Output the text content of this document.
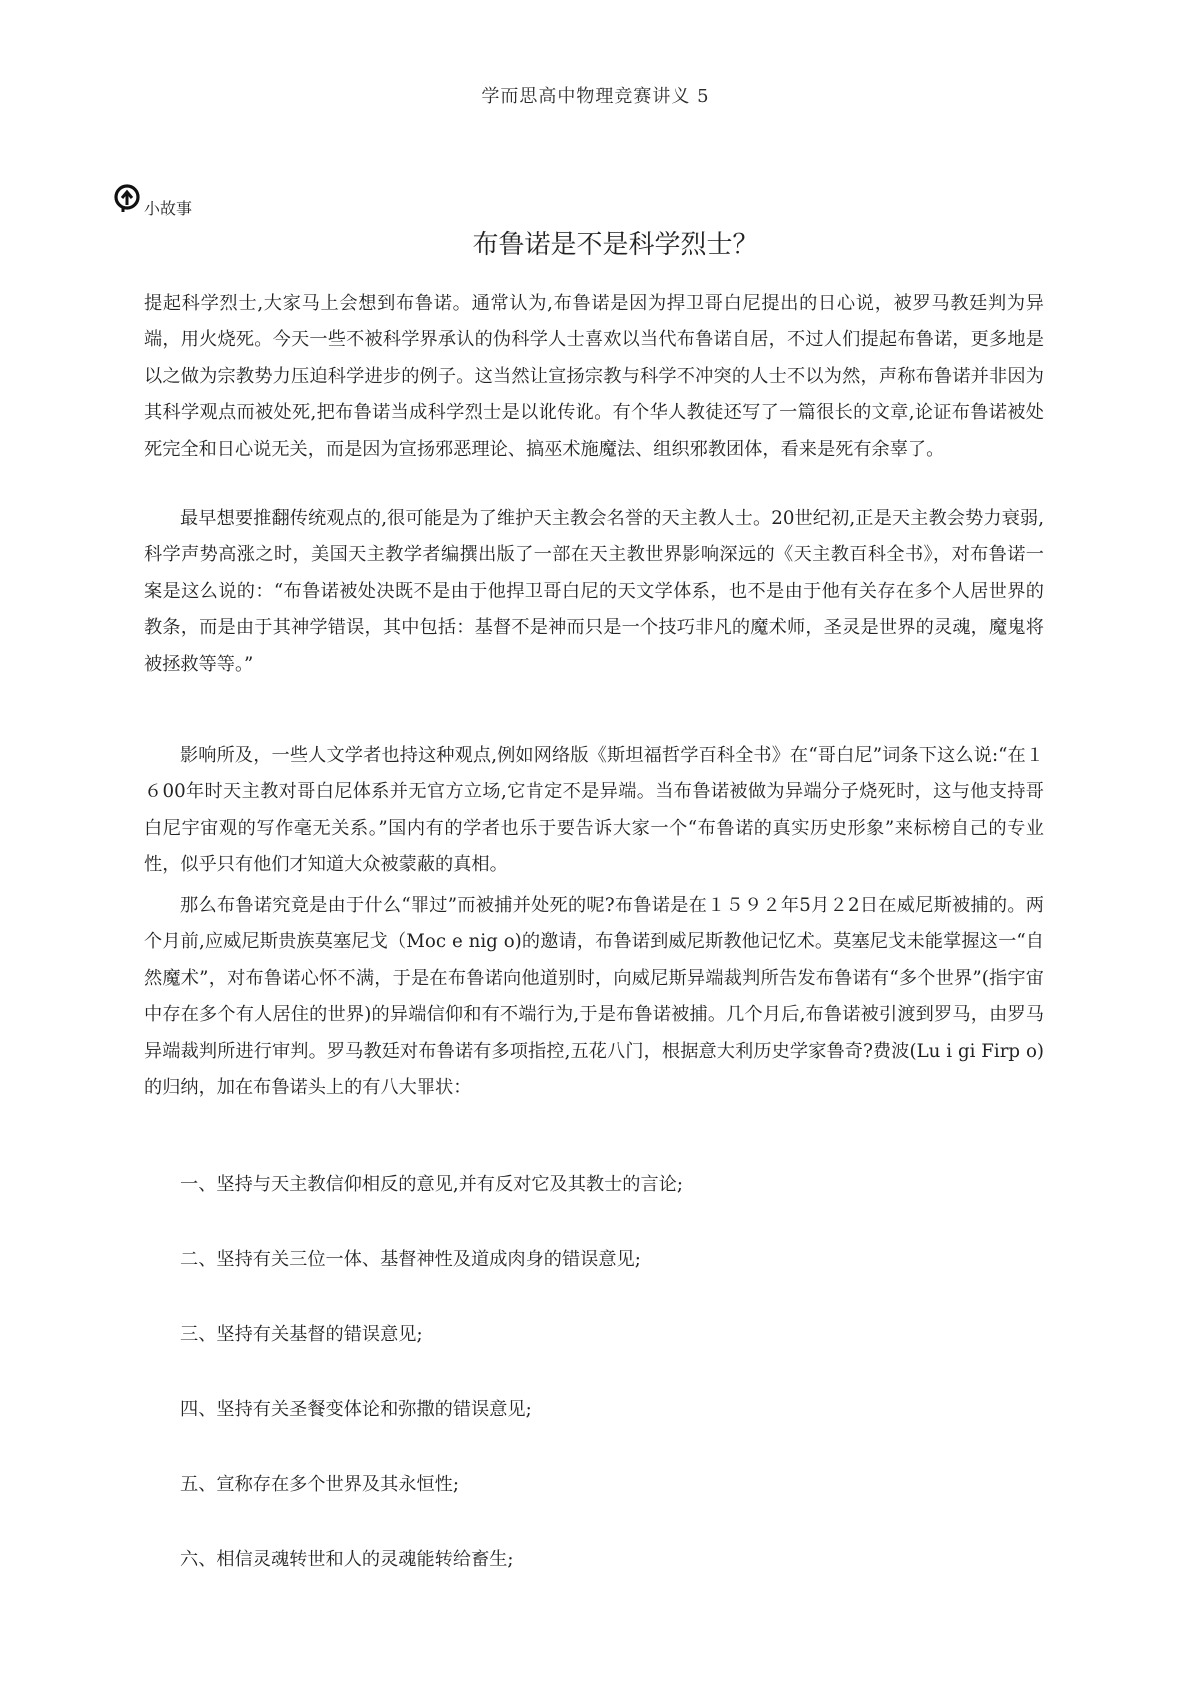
学而思高中物理竞赛讲义 5
小故事
布鲁诺是不是科学烈士？

提起科学烈士,大家马上会想到布鲁诺。通常认为,布鲁诺是因为捍卫哥白尼提出的日心说，被罗马教廷判为异端，用火烧死。今天一些不被科学界承认的伪科学人士喜欢以当代布鲁诺自居，不过人们提起布鲁诺，更多地是以之做为宗教势力压迫科学进步的例子。这当然让宣扬宗教与科学不冲突的人士不以为然，声称布鲁诺并非因为其科学观点而被处死,把布鲁诺当成科学烈士是以讹传讹。有个华人教徒还写了一篇很长的文章,论证布鲁诺被处死完全和日心说无关，而是因为宣扬邪恶理论、搞巫术施魔法、组织邪教团体，看来是死有余辜了。

最早想要推翻传统观点的,很可能是为了维护天主教会名誉的天主教人士。20世纪初,正是天主教会势力衰弱,科学声势高涨之时，美国天主教学者编撰出版了一部在天主教世界影响深远的《天主教百科全书》，对布鲁诺一案是这么说的：“布鲁诺被处决既不是由于他捍卫哥白尼的天文学体系，也不是由于他有关存在多个人居世界的教条，而是由于其神学错误，其中包括：基督不是神而只是一个技巧非凡的魔术师，圣灵是世界的灵魂，魔鬼将被拯救等等。”

影响所及，一些人文学者也持这种观点,例如网络版《斯坦福哲学百科全书》在“哥白尼”词条下这么说:“在１６00年时天主教对哥白尼体系并无官方立场,它肯定不是异端。当布鲁诺被做为异端分子烧死时，这与他支持哥白尼宇宙观的写作毫无关系。”国内有的学者也乐于要告诉大家一个“布鲁诺的真实历史形象”来标榜自己的专业性，似乎只有他们才知道大众被蒙蔽的真相。

那么布鲁诺究竟是由于什么“罪过”而被捕并处死的呢?布鲁诺是在１５９２年5月２2日在威尼斯被捕的。两个月前,应威尼斯贵族莫塞尼戈（Moc e nig o)的邀请，布鲁诺到威尼斯教他记忆术。莫塞尼戈未能掌握这一“自然魔术”，对布鲁诺心怀不满，于是在布鲁诺向他道别时，向威尼斯异端裁判所告发布鲁诺有“多个世界”(指宇宙中存在多个有人居住的世界)的异端信仰和有不端行为,于是布鲁诺被捕。几个月后,布鲁诺被引渡到罗马，由罗马异端裁判所进行审判。罗马教廷对布鲁诺有多项指控,五花八门，根据意大利历史学家鲁奇?费波(Lu i gi Firp o) 的归纳，加在布鲁诺头上的有八大罪状：

一、坚持与天主教信仰相反的意见,并有反对它及其教士的言论;
二、坚持有关三位一体、基督神性及道成肉身的错误意见;
三、坚持有关基督的错误意见;
四、坚持有关圣餐变体论和弥撒的错误意见;
五、宣称存在多个世界及其永恒性;
六、相信灵魂转世和人的灵魂能转给畜生;
